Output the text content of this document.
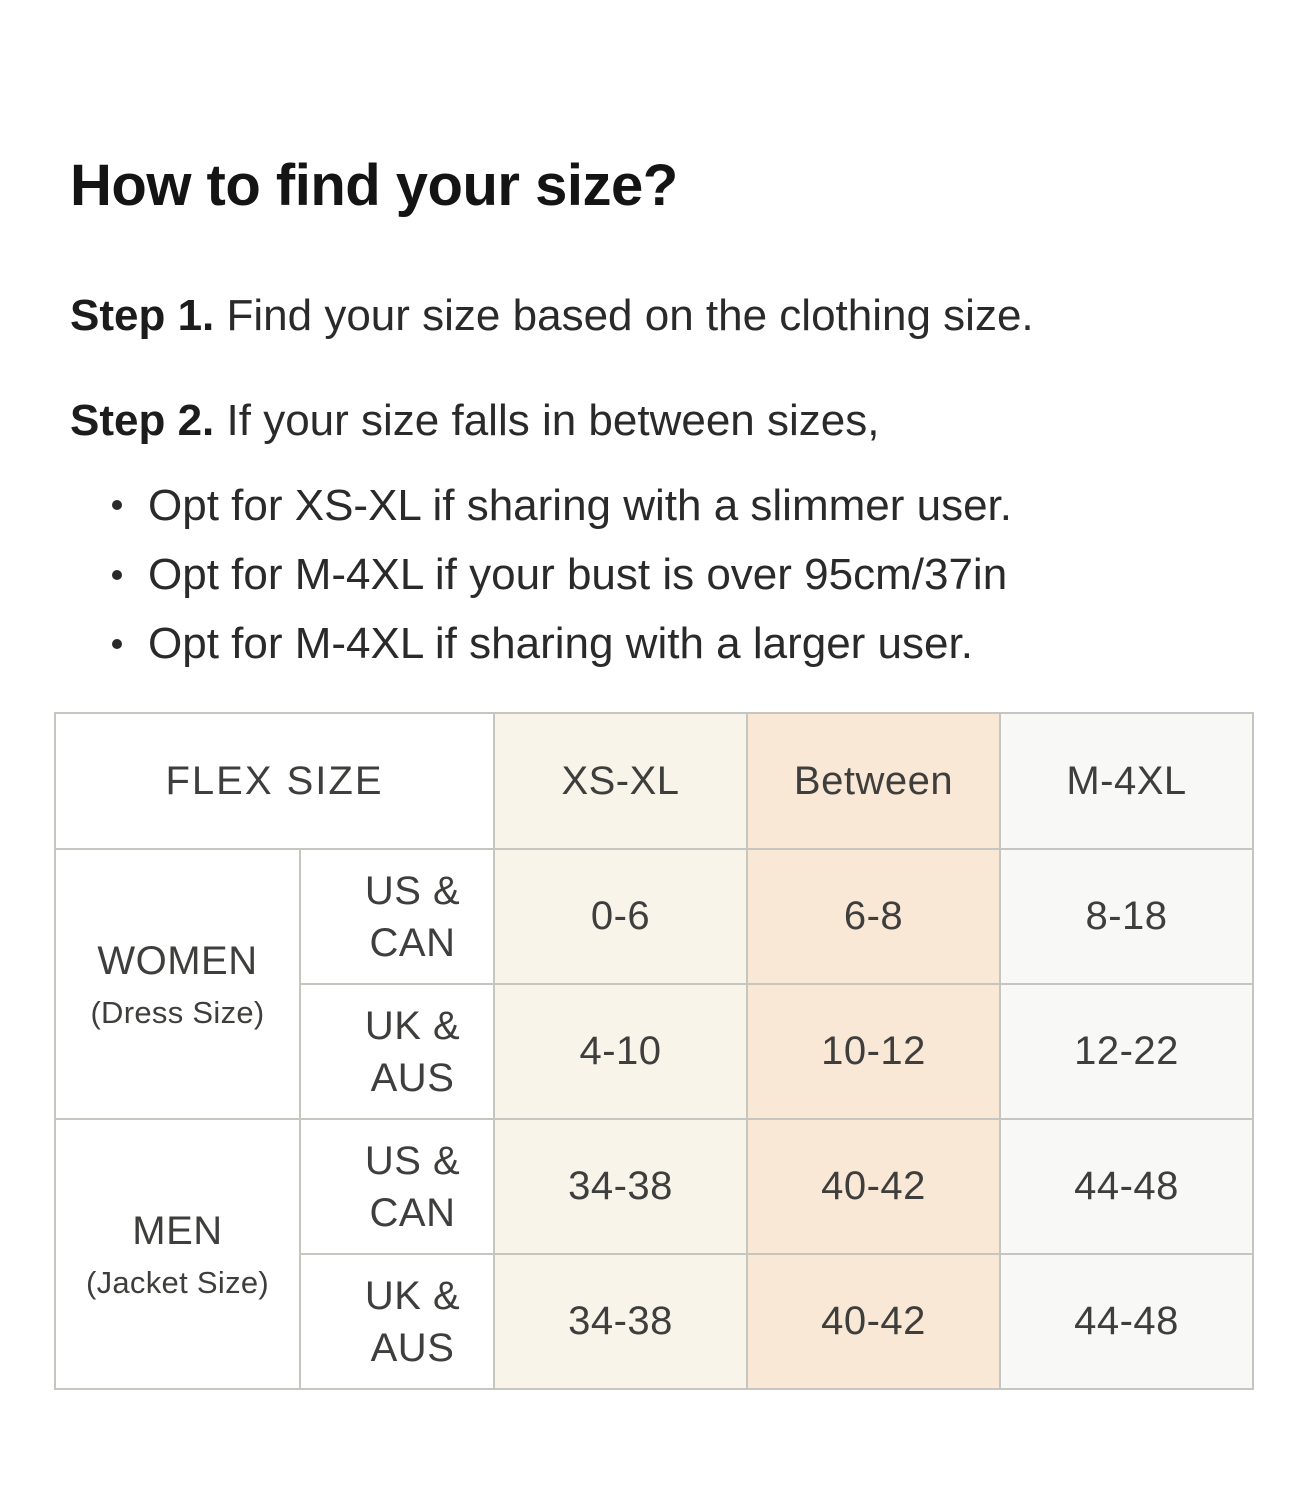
How to find your size?

Step 1. Find your size based on the clothing size.

Step 2. If your size falls in between sizes,

Opt for XS-XL if sharing with a slimmer user.
Opt for M-4XL if your bust is over 95cm/37in
Opt for M-4XL if sharing with a larger user.
FLEX SIZE		XS-XL	Between	M-4XL

WOMEN
(Dress Size)	US & CAN	0-6	6-8	8-18

	UK & AUS	4-10	10-12	12-22

MEN
(Jacket Size)	US & CAN	34-38	40-42	44-48

	UK & AUS	34-38	40-42	44-48
